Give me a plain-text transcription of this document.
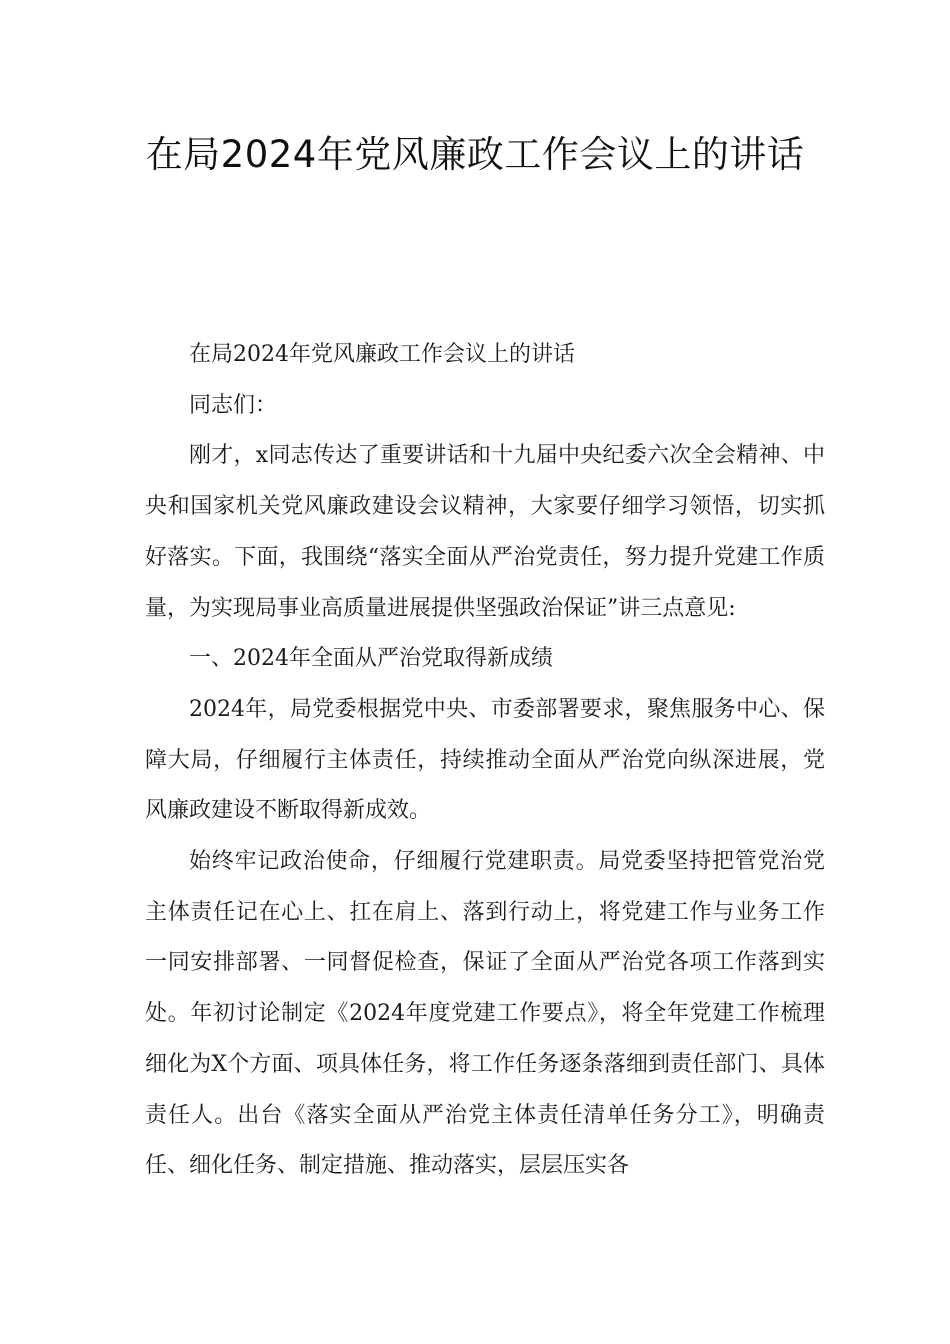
在局2024年党风廉政工作会议上的讲话

在局2024年党风廉政工作会议上的讲话

同志们：

刚才，x同志传达了重要讲话和十九届中央纪委六次全会精神、中央和国家机关党风廉政建设会议精神，大家要仔细学习领悟，切实抓好落实。下面，我围绕“落实全面从严治党责任，努力提升党建工作质量，为实现局事业高质量进展提供坚强政治保证”讲三点意见:

一、2024年全面从严治党取得新成绩

2024年，局党委根据党中央、市委部署要求，聚焦服务中心、保障大局，仔细履行主体责任，持续推动全面从严治党向纵深进展，党风廉政建设不断取得新成效。

始终牢记政治使命，仔细履行党建职责。局党委坚持把管党治党主体责任记在心上、扛在肩上、落到行动上，将党建工作与业务工作一同安排部署、一同督促检查，保证了全面从严治党各项工作落到实处。年初讨论制定《2024年度党建工作要点》，将全年党建工作梳理细化为X个方面、项具体任务，将工作任务逐条落细到责任部门、具体责任人。出台《落实全面从严治党主体责任清单任务分工》，明确责任、细化任务、制定措施、推动落实，层层压实各
